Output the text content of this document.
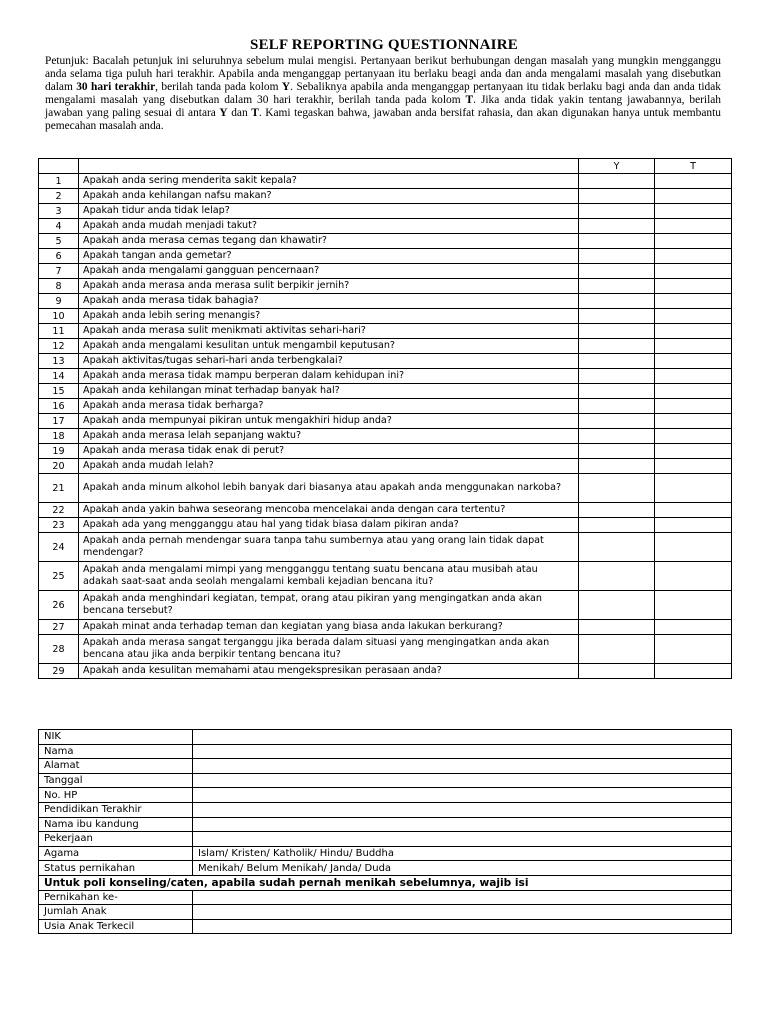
SELF REPORTING QUESTIONNAIRE
Petunjuk: Bacalah petunjuk ini seluruhnya sebelum mulai mengisi. Pertanyaan berikut berhubungan dengan masalah yang mungkin mengganggu anda selama tiga puluh hari terakhir. Apabila anda menganggap pertanyaan itu berlaku beagi anda dan anda mengalami masalah yang disebutkan dalam 30 hari terakhir, berilah tanda pada kolom Y. Sebaliknya apabila anda menganggap pertanyaan itu tidak berlaku bagi anda dan anda tidak mengalami masalah yang disebutkan dalam 30 hari terakhir, berilah tanda pada kolom T. Jika anda tidak yakin tentang jawabannya, berilah jawaban yang paling sesuai di antara Y dan T. Kami tegaskan bahwa, jawaban anda bersifat rahasia, dan akan digunakan hanya untuk membantu pemecahan masalah anda.
		Y	T
1	Apakah anda sering menderita sakit kepala?		
2	Apakah anda kehilangan nafsu makan?		
3	Apakah tidur anda tidak lelap?		
4	Apakah anda mudah menjadi takut?		
5	Apakah anda merasa cemas tegang dan khawatir?		
6	Apakah tangan anda gemetar?		
7	Apakah anda mengalami gangguan pencernaan?		
8	Apakah anda merasa anda merasa sulit berpikir jernih?		
9	Apakah anda merasa tidak bahagia?		
10	Apakah anda lebih sering menangis?		
11	Apakah anda merasa sulit menikmati aktivitas sehari-hari?		
12	Apakah anda mengalami kesulitan untuk mengambil keputusan?		
13	Apakah aktivitas/tugas sehari-hari anda terbengkalai?		
14	Apakah anda merasa tidak mampu berperan dalam kehidupan ini?		
15	Apakah anda kehilangan minat terhadap banyak hal?		
16	Apakah anda merasa tidak berharga?		
17	Apakah anda mempunyai pikiran untuk mengakhiri hidup anda?		
18	Apakah anda merasa lelah sepanjang waktu?		
19	Apakah anda merasa tidak enak di perut?		
20	Apakah anda mudah lelah?		
21	Apakah anda minum alkohol lebih banyak dari biasanya atau apakah anda menggunakan narkoba?		
22	Apakah anda yakin bahwa seseorang mencoba mencelakai anda dengan cara tertentu?		
23	Apakah ada yang mengganggu atau hal yang tidak biasa dalam pikiran anda?		
24	Apakah anda pernah mendengar suara tanpa tahu sumbernya atau yang orang lain tidak dapat mendengar?		
25	Apakah anda mengalami mimpi yang mengganggu tentang suatu bencana atau musibah atau adakah saat-saat anda seolah mengalami kembali kejadian bencana itu?		
26	Apakah anda menghindari kegiatan, tempat, orang atau pikiran yang mengingatkan anda akan bencana tersebut?		
27	Apakah minat anda terhadap teman dan kegiatan yang biasa anda lakukan berkurang?		
28	Apakah anda merasa sangat terganggu jika berada dalam situasi yang mengingatkan anda akan bencana atau jika anda berpikir tentang bencana itu?		
29	Apakah anda kesulitan memahami atau mengekspresikan perasaan anda?		
NIK	
Nama	
Alamat	
Tanggal	
No. HP	
Pendidikan Terakhir	
Nama ibu kandung	
Pekerjaan	
Agama	Islam/ Kristen/ Katholik/ Hindu/ Buddha
Status pernikahan	Menikah/ Belum Menikah/ Janda/ Duda
Untuk poli konseling/caten, apabila sudah pernah menikah sebelumnya, wajib isi	
Pernikahan ke-	
Jumlah Anak	
Usia Anak Terkecil	
